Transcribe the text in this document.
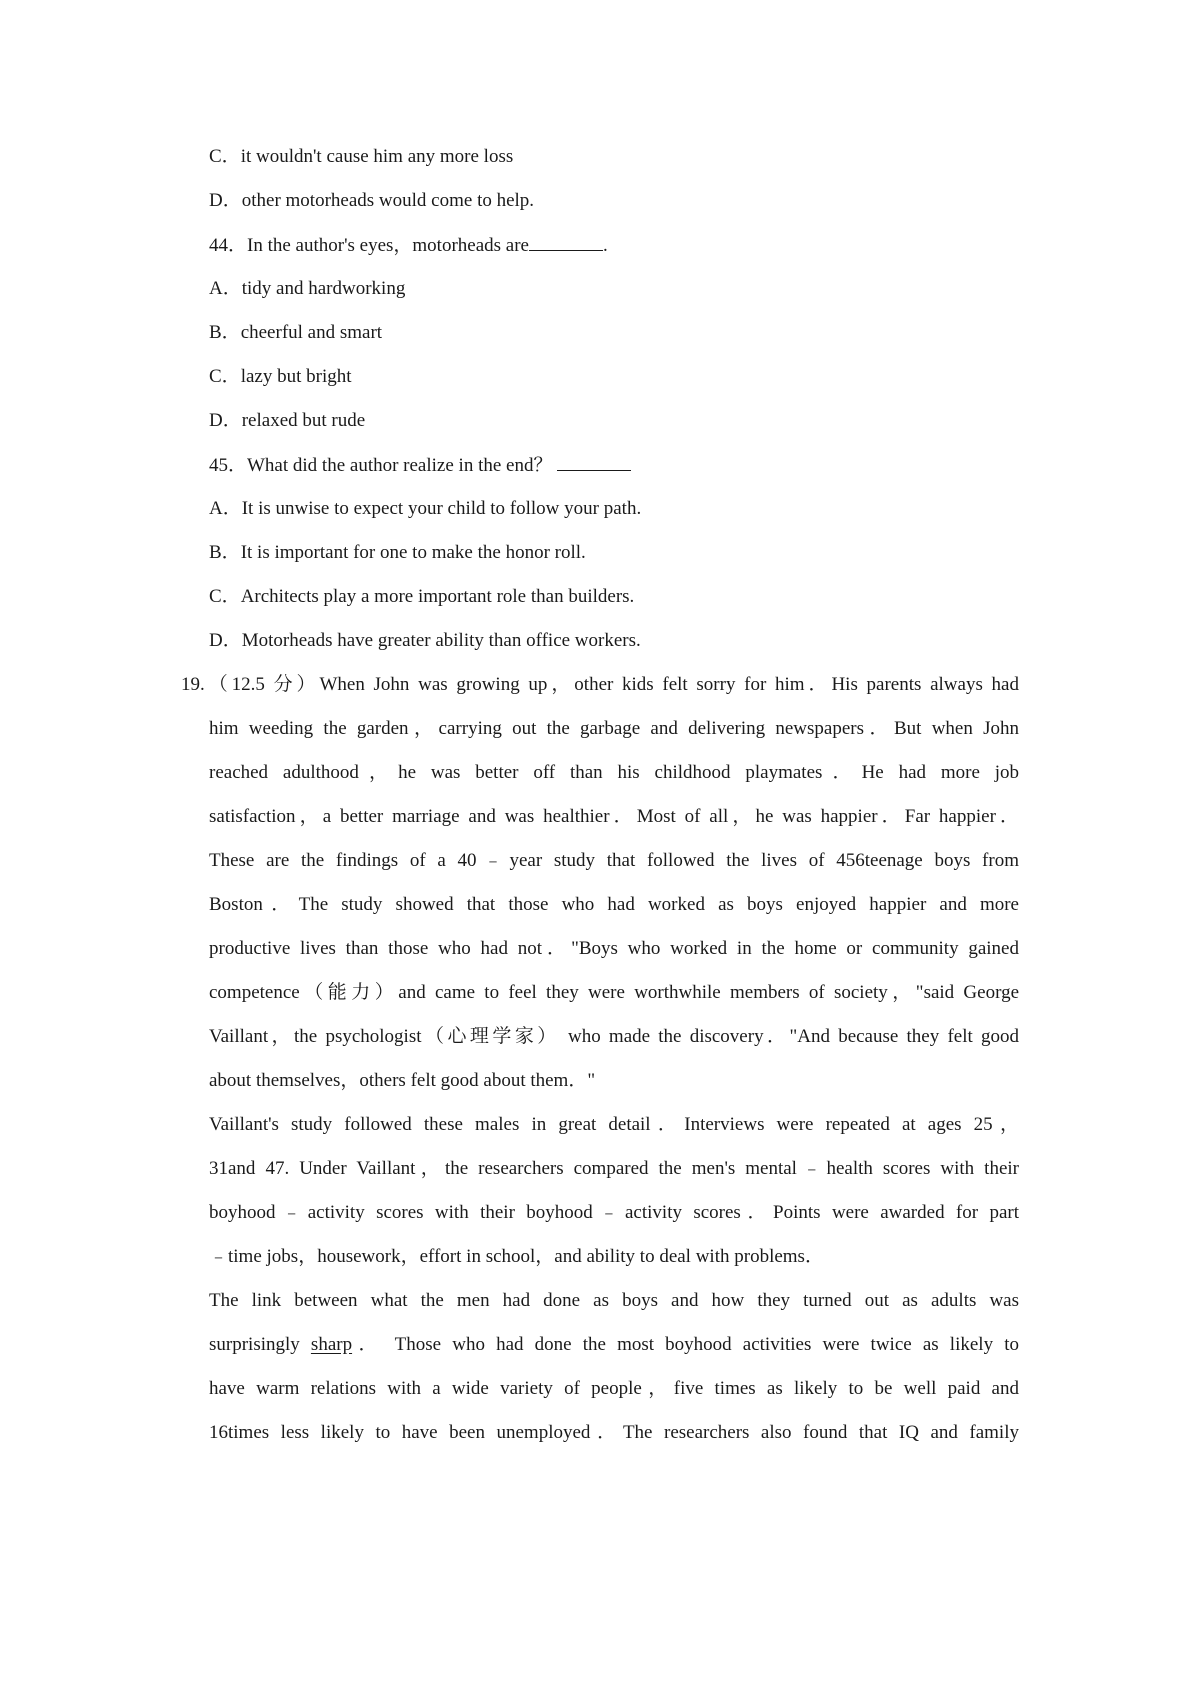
C．it wouldn't cause him any more loss
D．other motorheads would come to help.
44．In the author's eyes，motorheads are	.
A．tidy and hardworking
B．cheerful and smart
C．lazy but bright
D．relaxed but rude
45．What did the author realize in the end？
A．It is unwise to expect your child to follow your path.
B．It is important for one to make the honor roll.
C．Architects play a more important role than builders.
D．Motorheads have greater ability than office workers.
19.（12.5 分）When John was growing up，other kids felt sorry for him．His parents always had
him weeding the garden，carrying out the garbage and delivering newspapers．But when John
reached adulthood，he was better off than his childhood playmates．He had more job
satisfaction，a better marriage and was healthier．Most of all，he was happier．Far happier．
These are the findings of a 40﹣year study that followed the lives of 456teenage boys from
Boston．The study showed that those who had worked as boys enjoyed happier and more
productive lives than those who had not．"Boys who worked in the home or community gained
competence（能力）and came to feel they were worthwhile members of society，"said George
Vaillant，the psychologist（心理学家） who made the discovery．"And because they felt good
about themselves，others felt good about them．"
Vaillant's study followed these males in great detail．Interviews were repeated at ages 25，
31and 47. Under Vaillant，the researchers compared the men's mental﹣health scores with their
boyhood﹣activity scores with their boyhood﹣activity scores．Points were awarded for part
﹣time jobs，housework，effort in school，and ability to deal with problems．
The link between what the men had done as boys and how they turned out as adults was
surprisingly sharp． Those who had done the most boyhood activities were twice as likely to
have warm relations with a wide variety of people，five times as likely to be well paid and
16times less likely to have been unemployed．The researchers also found that IQ and family
